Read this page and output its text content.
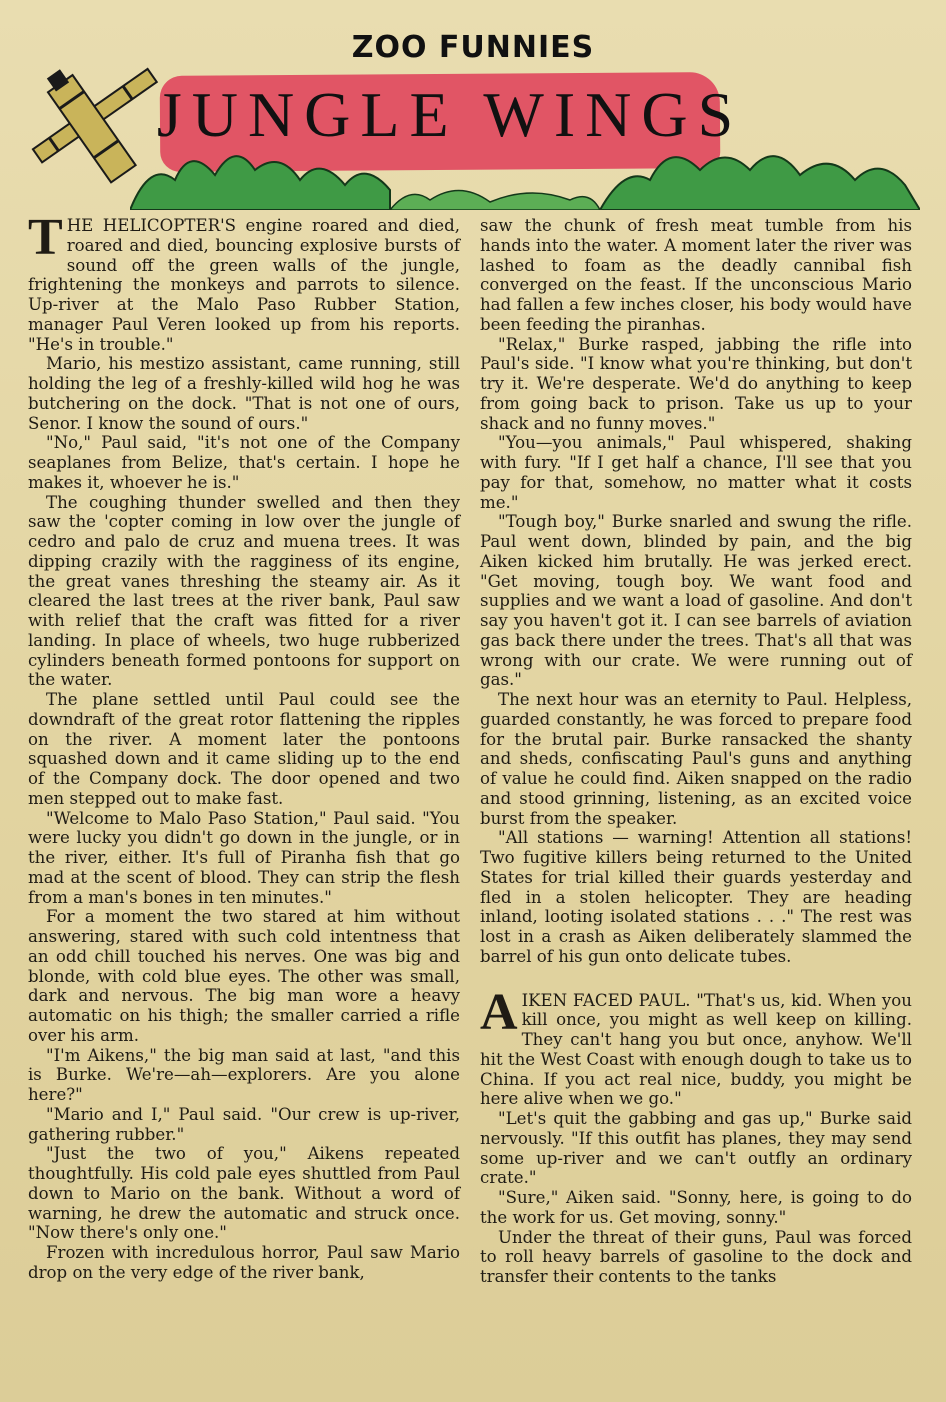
ZOO FUNNIES
JUNGLE WINGS

THE HELICOPTER'S engine roared and died, roared and died, bouncing explosive bursts of sound off the green walls of the jungle, frightening the monkeys and parrots to silence. Up-river at the Malo Paso Rubber Station, manager Paul Veren looked up from his reports. "He's in trouble."

Mario, his mestizo assistant, came running, still holding the leg of a freshly-killed wild hog he was butchering on the dock. "That is not one of ours, Senor. I know the sound of ours."

"No," Paul said, "it's not one of the Company seaplanes from Belize, that's certain. I hope he makes it, whoever he is."

The coughing thunder swelled and then they saw the 'copter coming in low over the jungle of cedro and palo de cruz and muena trees. It was dipping crazily with the ragginess of its engine, the great vanes threshing the steamy air. As it cleared the last trees at the river bank, Paul saw with relief that the craft was fitted for a river landing. In place of wheels, two huge rubberized cylinders beneath formed pontoons for support on the water.

The plane settled until Paul could see the downdraft of the great rotor flattening the ripples on the river. A moment later the pontoons squashed down and it came sliding up to the end of the Company dock. The door opened and two men stepped out to make fast.

"Welcome to Malo Paso Station," Paul said. "You were lucky you didn't go down in the jungle, or in the river, either. It's full of Piranha fish that go mad at the scent of blood. They can strip the flesh from a man's bones in ten minutes."

For a moment the two stared at him without answering, stared with such cold intentness that an odd chill touched his nerves. One was big and blonde, with cold blue eyes. The other was small, dark and nervous. The big man wore a heavy automatic on his thigh; the smaller carried a rifle over his arm.

"I'm Aikens," the big man said at last, "and this is Burke. We're—ah—explorers. Are you alone here?"

"Mario and I," Paul said. "Our crew is up-river, gathering rubber."

"Just the two of you," Aikens repeated thoughtfully. His cold pale eyes shuttled from Paul down to Mario on the bank. Without a word of warning, he drew the automatic and struck once. "Now there's only one."

Frozen with incredulous horror, Paul saw Mario drop on the very edge of the river bank,

saw the chunk of fresh meat tumble from his hands into the water. A moment later the river was lashed to foam as the deadly cannibal fish converged on the feast. If the unconscious Mario had fallen a few inches closer, his body would have been feeding the piranhas.

"Relax," Burke rasped, jabbing the rifle into Paul's side. "I know what you're thinking, but don't try it. We're desperate. We'd do anything to keep from going back to prison. Take us up to your shack and no funny moves."

"You—you animals," Paul whispered, shaking with fury. "If I get half a chance, I'll see that you pay for that, somehow, no matter what it costs me."

"Tough boy," Burke snarled and swung the rifle. Paul went down, blinded by pain, and the big Aiken kicked him brutally. He was jerked erect. "Get moving, tough boy. We want food and supplies and we want a load of gasoline. And don't say you haven't got it. I can see barrels of aviation gas back there under the trees. That's all that was wrong with our crate. We were running out of gas."

The next hour was an eternity to Paul. Helpless, guarded constantly, he was forced to prepare food for the brutal pair. Burke ransacked the shanty and sheds, confiscating Paul's guns and anything of value he could find. Aiken snapped on the radio and stood grinning, listening, as an excited voice burst from the speaker.

"All stations — warning! Attention all stations! Two fugitive killers being returned to the United States for trial killed their guards yesterday and fled in a stolen helicopter. They are heading inland, looting isolated stations . . ." The rest was lost in a crash as Aiken deliberately slammed the barrel of his gun onto delicate tubes.

AIKEN FACED PAUL. "That's us, kid. When you kill once, you might as well keep on killing. They can't hang you but once, anyhow. We'll hit the West Coast with enough dough to take us to China. If you act real nice, buddy, you might be here alive when we go."

"Let's quit the gabbing and gas up," Burke said nervously. "If this outfit has planes, they may send some up-river and we can't outfly an ordinary crate."

"Sure," Aiken said. "Sonny, here, is going to do the work for us. Get moving, sonny."

Under the threat of their guns, Paul was forced to roll heavy barrels of gasoline to the dock and transfer their contents to the tanks
